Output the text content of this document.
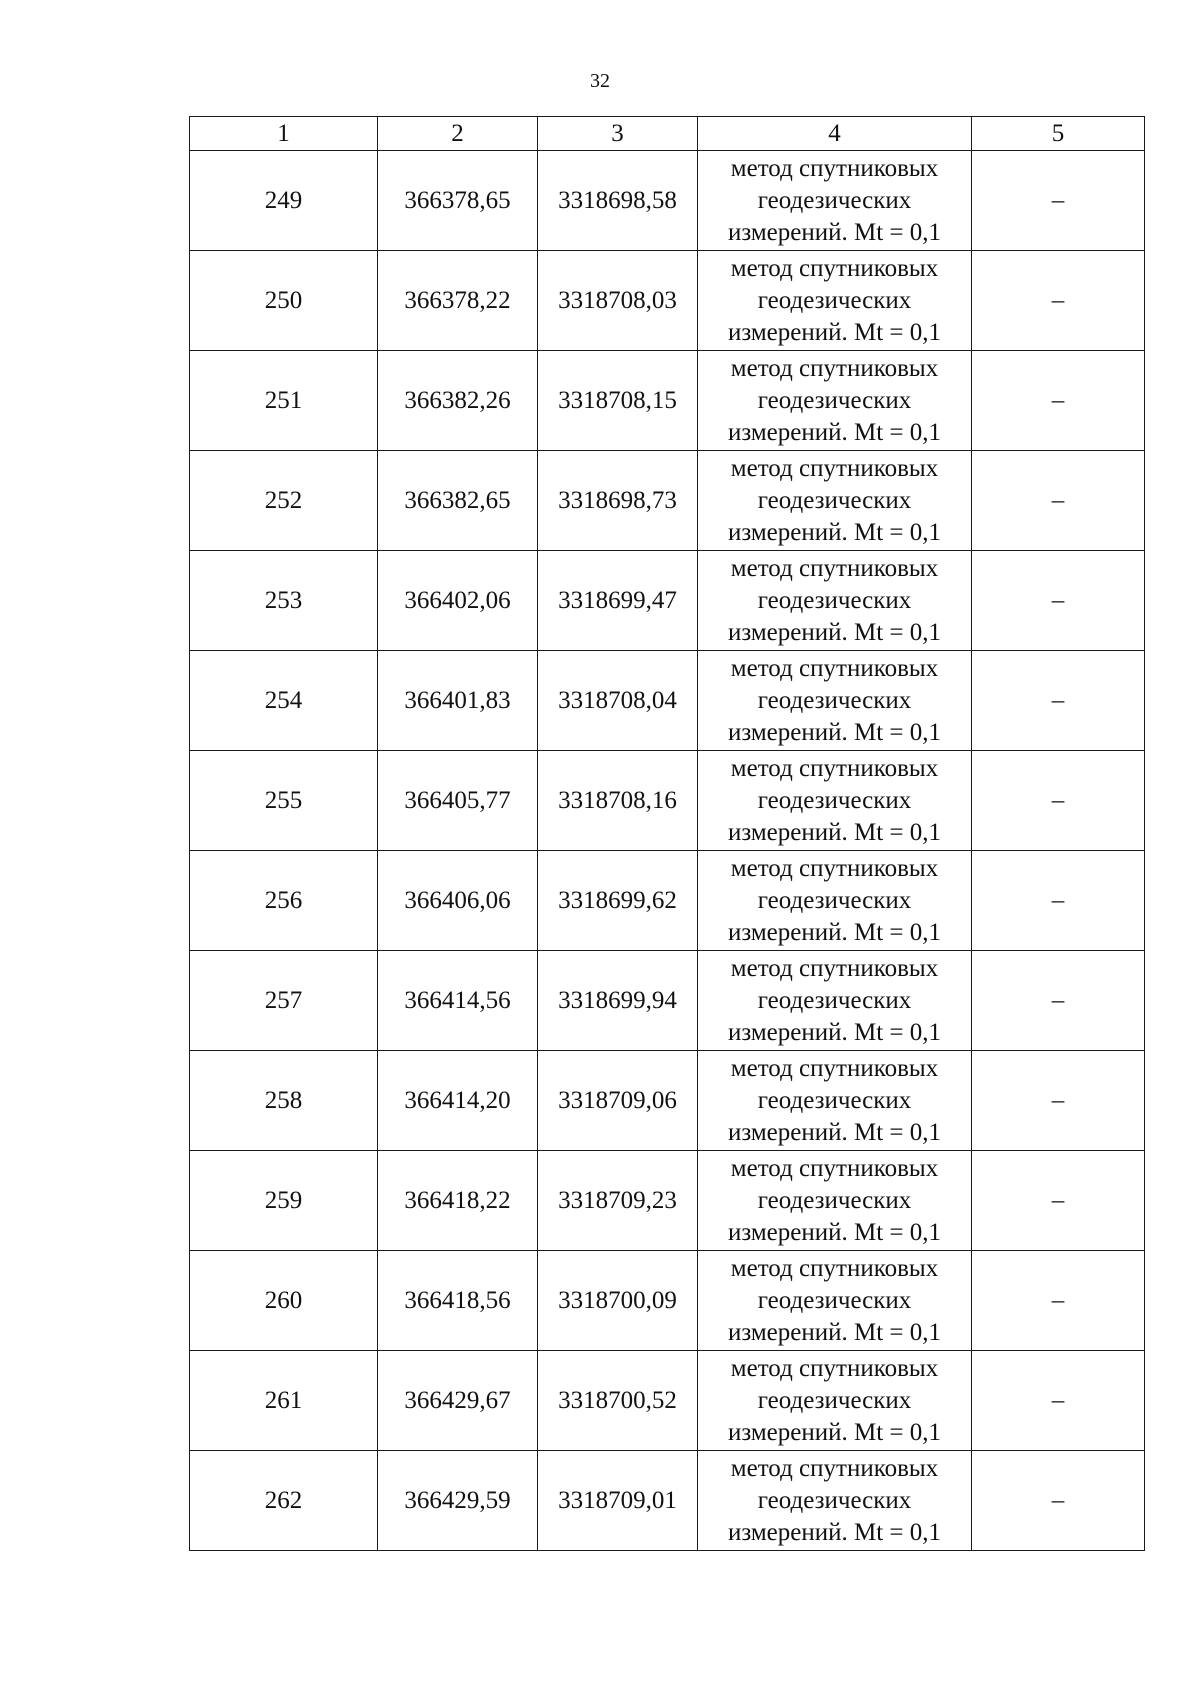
32
1	2	3	4	5
249	366378,65	3318698,58	метод спутниковых
геодезических
измерений. Mt = 0,1	–
250	366378,22	3318708,03	метод спутниковых
геодезических
измерений. Mt = 0,1	–
251	366382,26	3318708,15	метод спутниковых
геодезических
измерений. Mt = 0,1	–
252	366382,65	3318698,73	метод спутниковых
геодезических
измерений. Mt = 0,1	–
253	366402,06	3318699,47	метод спутниковых
геодезических
измерений. Mt = 0,1	–
254	366401,83	3318708,04	метод спутниковых
геодезических
измерений. Mt = 0,1	–
255	366405,77	3318708,16	метод спутниковых
геодезических
измерений. Mt = 0,1	–
256	366406,06	3318699,62	метод спутниковых
геодезических
измерений. Mt = 0,1	–
257	366414,56	3318699,94	метод спутниковых
геодезических
измерений. Mt = 0,1	–
258	366414,20	3318709,06	метод спутниковых
геодезических
измерений. Mt = 0,1	–
259	366418,22	3318709,23	метод спутниковых
геодезических
измерений. Mt = 0,1	–
260	366418,56	3318700,09	метод спутниковых
геодезических
измерений. Mt = 0,1	–
261	366429,67	3318700,52	метод спутниковых
геодезических
измерений. Mt = 0,1	–
262	366429,59	3318709,01	метод спутниковых
геодезических
измерений. Mt = 0,1	–
